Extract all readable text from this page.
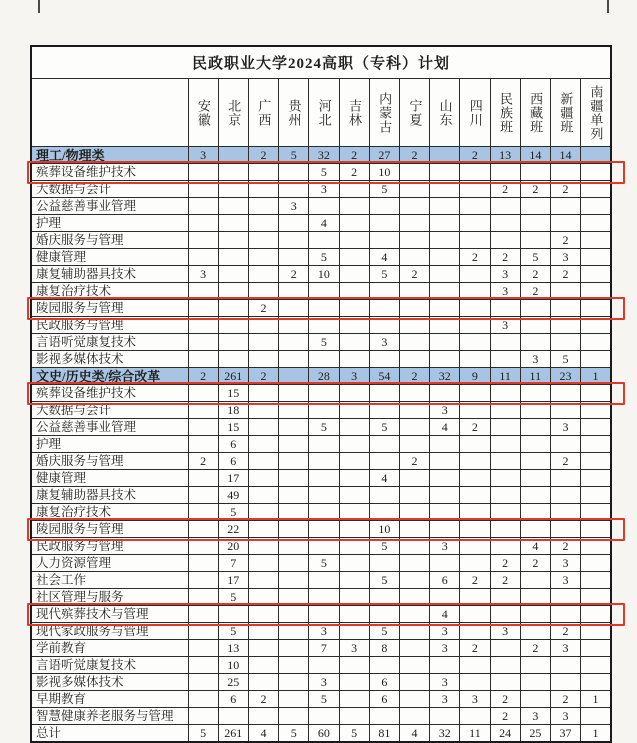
民政职业大学2024高职（专科）计划														

	安徽	北京	广西	贵州	河北	吉林	内蒙古	宁夏	山东	四川	民族班	西藏班	新疆班	南疆单列

理工/物理类	3		2	5	32	2	27	2		2	13	14	14	
殡葬设备维护技术					5	2	10							
大数据与会计					3		5				2	2	2	
公益慈善事业管理				3										
护理					4									
婚庆服务与管理													2	
健康管理					5		4			2	2	5	3	
康复辅助器具技术	3			2	10		5	2			3	2	2	
康复治疗技术											3	2		
陵园服务与管理			2											
民政服务与管理											3			
言语听觉康复技术					5		3							
影视多媒体技术												3	5	
文史/历史类/综合改革	2	261	2		28	3	54	2	32	9	11	11	23	1
殡葬设备维护技术		15												
大数据与会计		18							3					
公益慈善事业管理		15			5		5		4	2			3	
护理		6												
婚庆服务与管理	2	6						2					2	
健康管理		17					4							
康复辅助器具技术		49												
康复治疗技术		5												
陵园服务与管理		22					10							
民政服务与管理		20					5		3			4	2	
人力资源管理		7			5						2	2	3	
社会工作		17					5		6	2	2		3	
社区管理与服务		5												
现代殡葬技术与管理									4					
现代家政服务与管理		5			3		5		3		3		2	
学前教育		13			7	3	8		3	2		2	3	
言语听觉康复技术		10												
影视多媒体技术		25			3		6		3					
早期教育		6	2		5		6		3	3	2		2	1
智慧健康养老服务与管理											2	3	3	
总计	5	261	4	5	60	5	81	4	32	11	24	25	37	1
